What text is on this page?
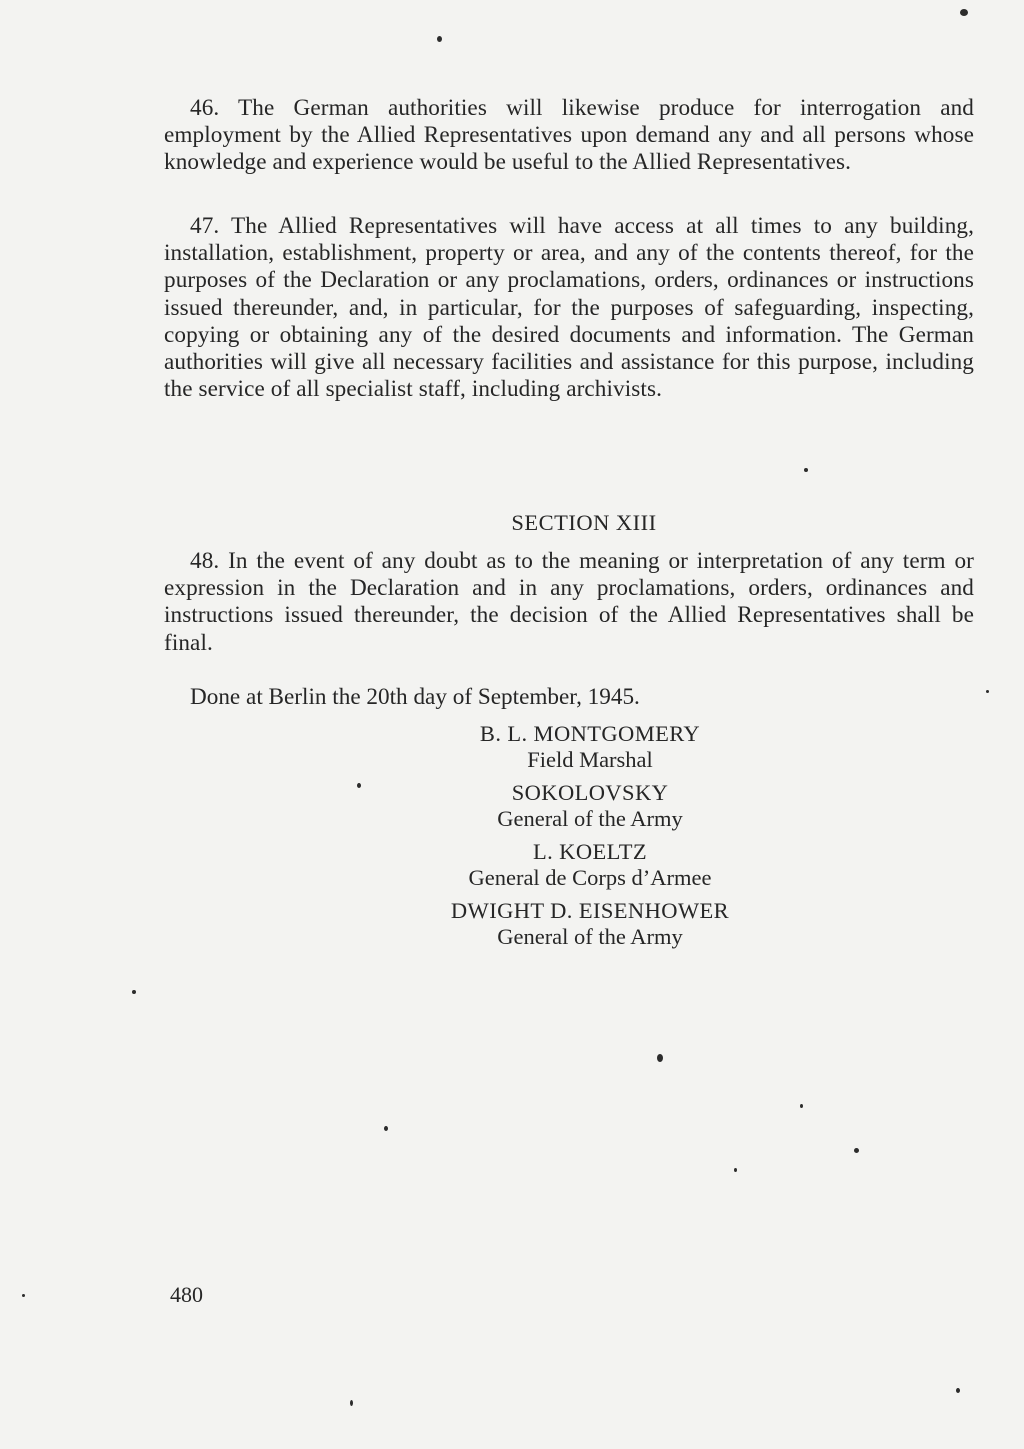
46. The German authorities will likewise produce for interrogation and employment by the Allied Representatives upon demand any and all persons whose knowledge and experience would be useful to the Allied Representatives.

47. The Allied Representatives will have access at all times to any building, installation, establishment, property or area, and any of the contents thereof, for the purposes of the Declaration or any proclamations, orders, ordinances or instructions issued thereunder, and, in particular, for the purposes of safeguarding, inspecting, copying or obtaining any of the desired documents and information. The German authorities will give all necessary facilities and assistance for this purpose, including the service of all specialist staff, including archivists.

SECTION XIII

48. In the event of any doubt as to the meaning or interpretation of any term or expression in the Declaration and in any proclamations, orders, ordinances and instructions issued thereunder, the decision of the Allied Representatives shall be final.

Done at Berlin the 20th day of September, 1945.

B. L. MONTGOMERY
Field Marshal
SOKOLOVSKY
General of the Army
L. KOELTZ
General de Corps d’Armee
DWIGHT D. EISENHOWER
General of the Army

480
